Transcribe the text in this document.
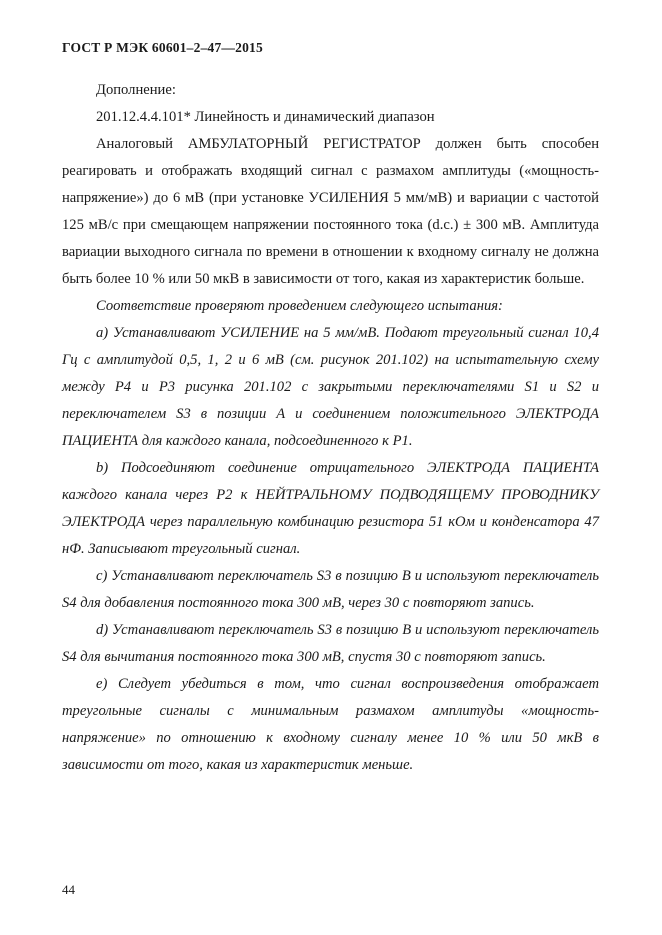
ГОСТ Р МЭК 60601–2–47—2015

Дополнение:

201.12.4.4.101* Линейность и динамический диапазон

Аналоговый АМБУЛАТОРНЫЙ РЕГИСТРАТОР должен быть способен реагировать и отображать входящий сигнал с размахом амплитуды («мощность-напряжение») до 6 мВ (при установке УСИЛЕНИЯ 5 мм/мВ) и вариации с частотой 125 мВ/с при смещающем напряжении постоянного тока (d.c.) ± 300 мВ. Амплитуда вариации выходного сигнала по времени в отношении к входному сигналу не должна быть более 10 % или 50 мкВ в зависимости от того, какая из характеристик больше.

Соответствие проверяют проведением следующего испытания:

a) Устанавливают УСИЛЕНИЕ на 5 мм/мВ. Подают треугольный сигнал 10,4 Гц с амплитудой 0,5, 1, 2 и 6 мВ (см. рисунок 201.102) на испытательную схему между Р4 и Р3 рисунка 201.102 с закрытыми переключателями S1 и S2 и переключателем S3 в позиции А и соединением положительного ЭЛЕКТРОДА ПАЦИЕНТА для каждого канала, подсоединенного к Р1.

b) Подсоединяют соединение отрицательного ЭЛЕКТРОДА ПАЦИЕНТА каждого канала через Р2 к НЕЙТРАЛЬНОМУ ПОДВОДЯЩЕМУ ПРОВОДНИКУ ЭЛЕКТРОДА через параллельную комбинацию резистора 51 кОм и конденсатора 47 нФ. Записывают треугольный сигнал.

c) Устанавливают переключатель S3 в позицию В и используют переключатель S4 для добавления постоянного тока 300 мВ, через 30 с повторяют запись.

d) Устанавливают переключатель S3 в позицию В и используют переключатель S4 для вычитания постоянного тока 300 мВ, спустя 30 с повторяют запись.

e) Следует убедиться в том, что сигнал воспроизведения отображает треугольные сигналы с минимальным размахом амплитуды «мощность-напряжение» по отношению к входному сигналу менее 10 % или 50 мкВ в зависимости от того, какая из характеристик меньше.

44
